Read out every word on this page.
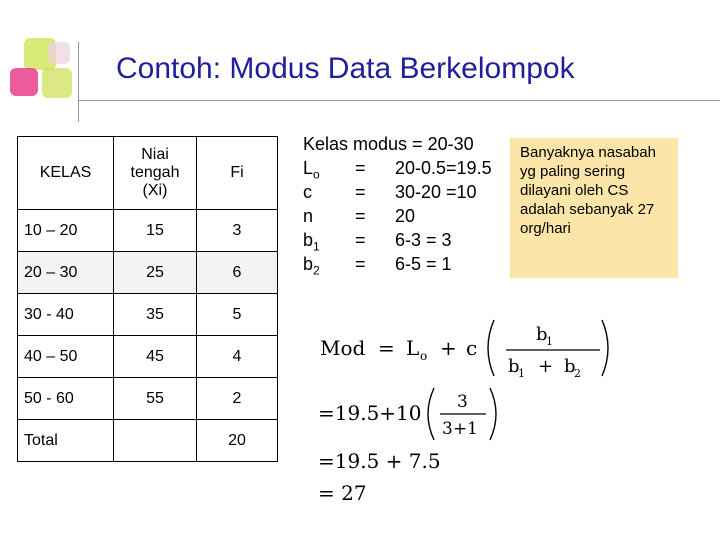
Contoh: Modus Data Berkelompok
KELAS	Niai tengah (Xi)	Fi
10 – 20	15	3
20 – 30	25	6
30 - 40	35	5
40 – 50	45	4
50 - 60	55	2
Total		20
Kelas modus = 20-30
$L_o = 20-0.5=19.5$
c = 30-20 =10
n = 20
$b_1 = 6-3 = 3$
$b_2 = 6-5 = 1$
Banyaknya nasabah yg paling sering dilayani oleh CS adalah sebanyak 27 org/hari
Mod = L o + c
b
1
b
1 + b
2
=19.5+10 3
3+1
=19.5 + 7.5
= 27
